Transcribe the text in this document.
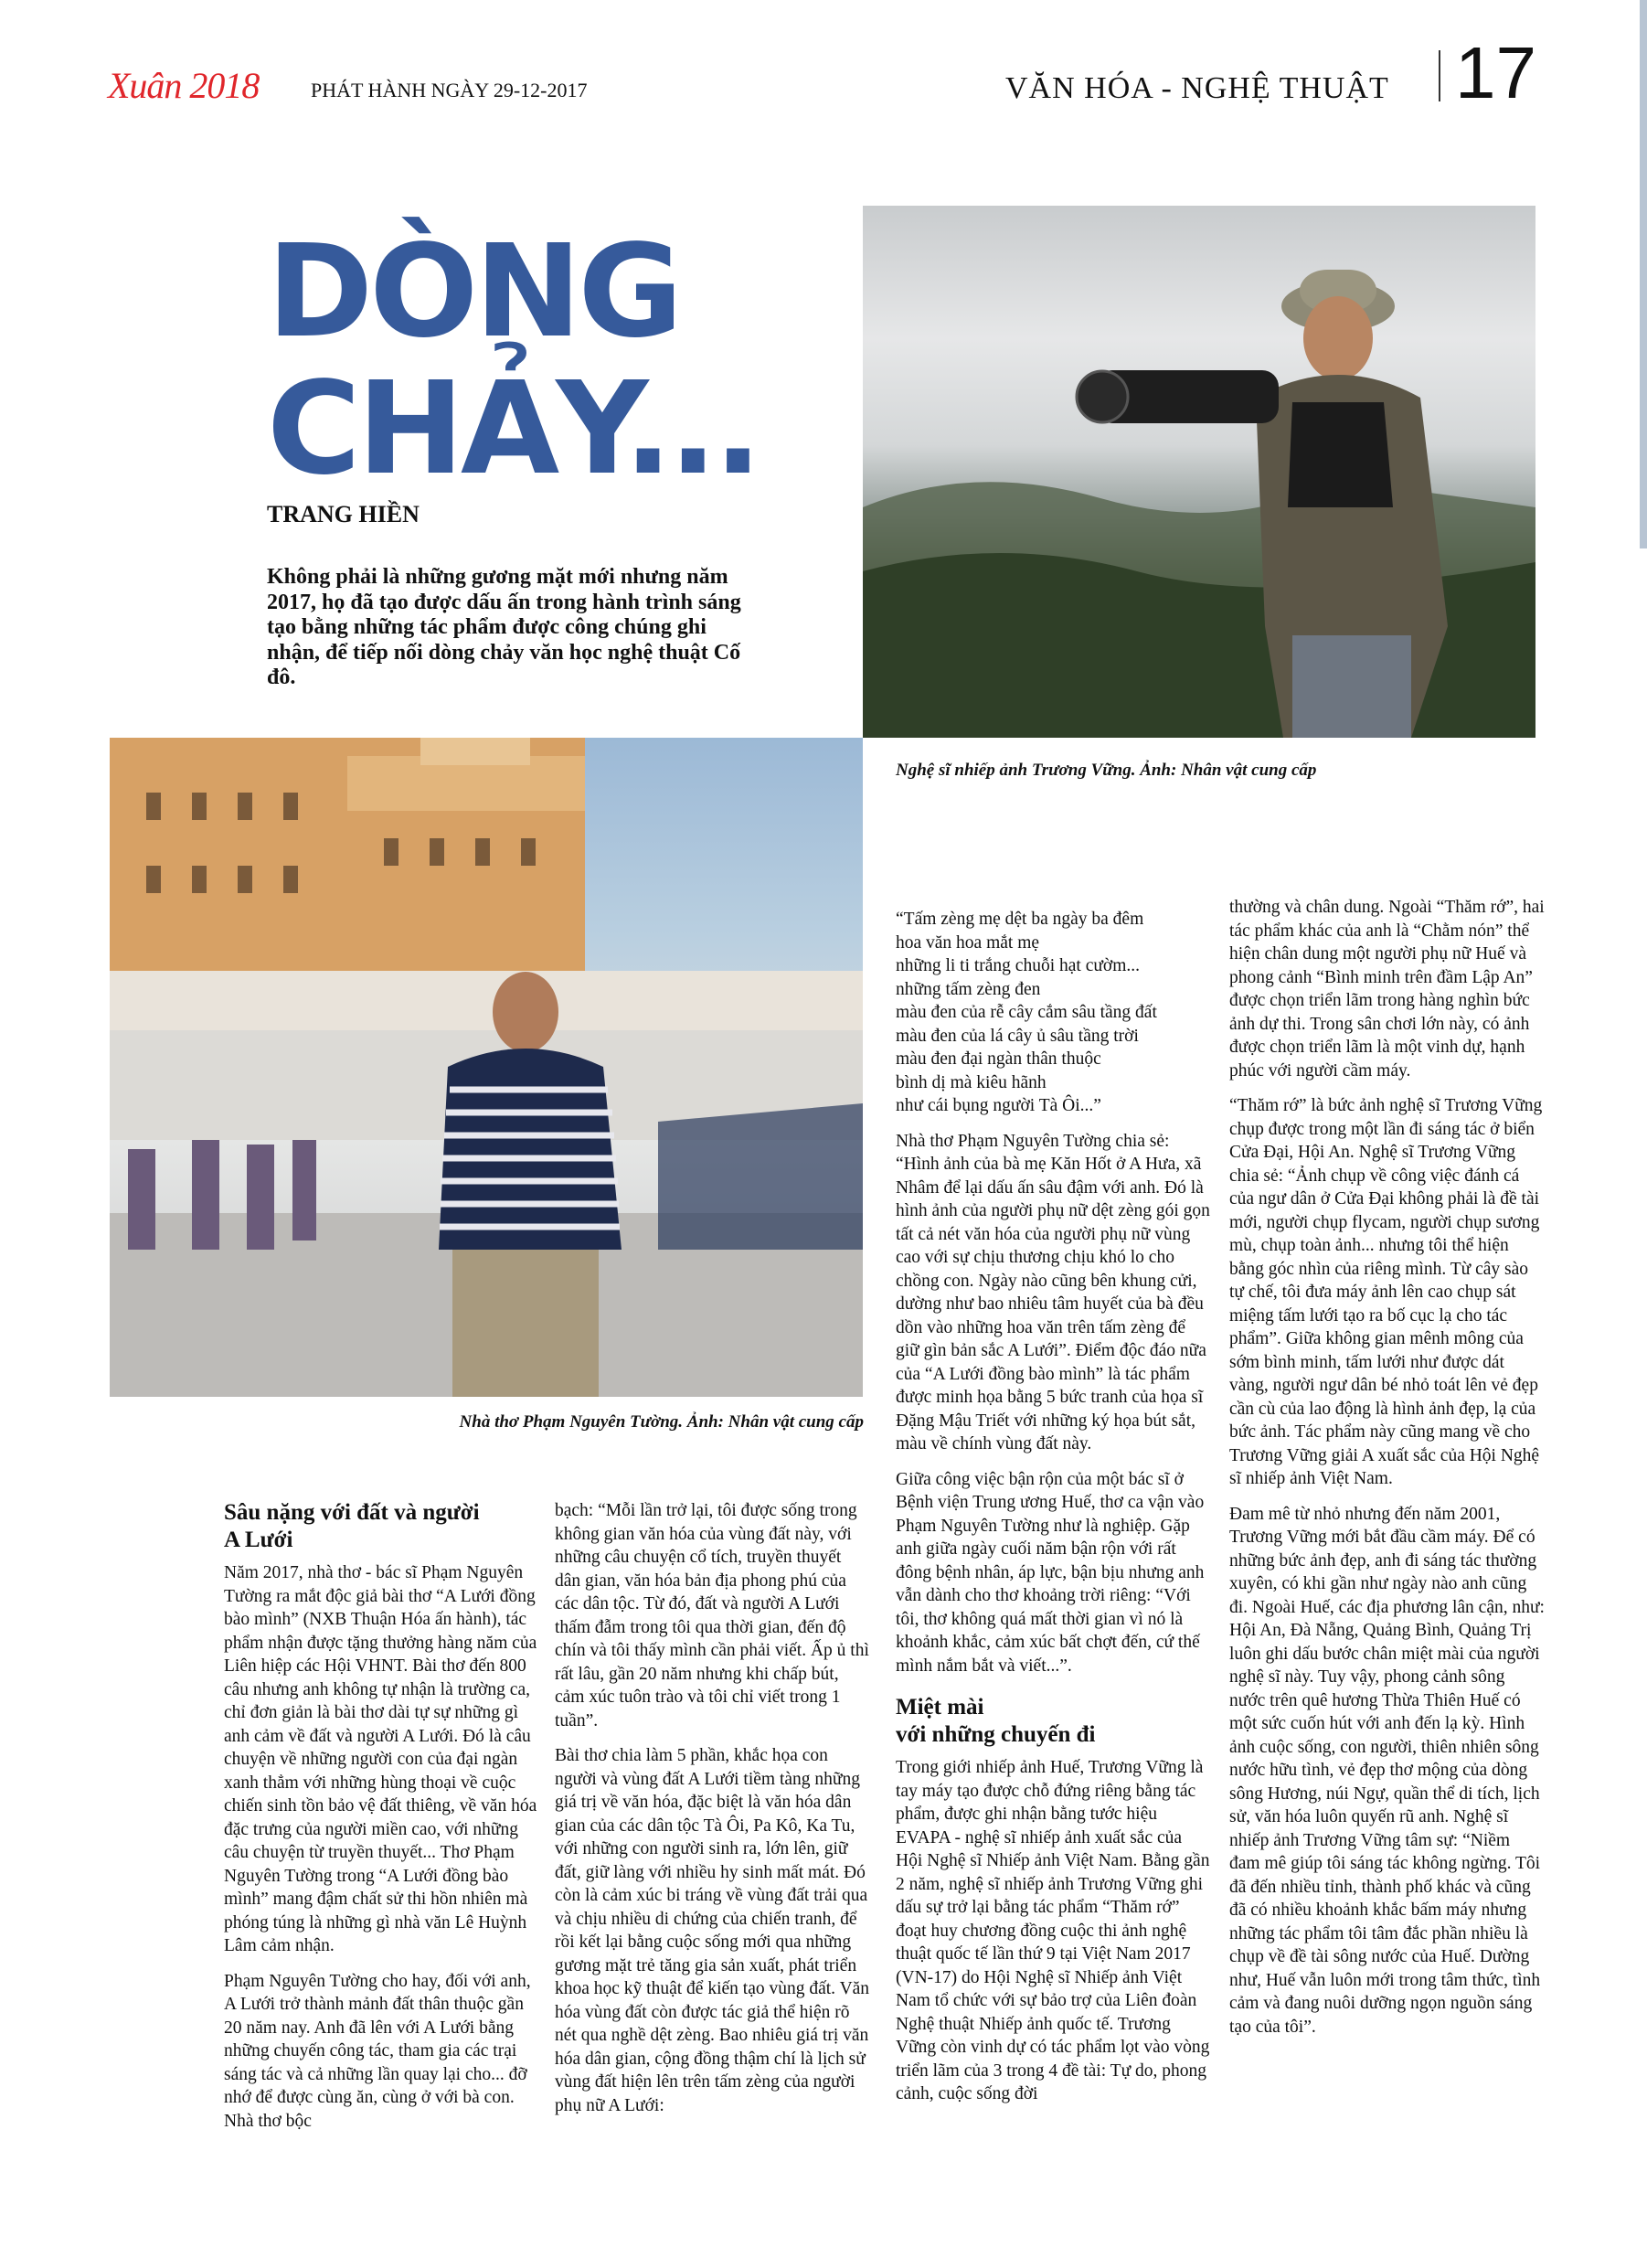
Xuân 2018	PHÁT HÀNH NGÀY 29-12-2017	VĂN HÓA - NGHỆ THUẬT 17
DÒNG
CHẢY...
TRANG HIỀN
Không phải là những gương mặt mới nhưng năm 2017, họ đã tạo được dấu ấn trong hành trình sáng tạo bằng những tác phẩm được công chúng ghi nhận, để tiếp nối dòng chảy văn học nghệ thuật Cố đô.
Nghệ sĩ nhiếp ảnh Trương Vững. Ảnh: Nhân vật cung cấp
Nhà thơ Phạm Nguyên Tường. Ảnh: Nhân vật cung cấp
Sâu nặng với đất và người
A Lưới

Năm 2017, nhà thơ - bác sĩ Phạm Nguyên Tường ra mắt độc giả bài thơ “A Lưới đồng bào mình” (NXB Thuận Hóa ấn hành), tác phẩm nhận được tặng thưởng hàng năm của Liên hiệp các Hội VHNT. Bài thơ đến 800 câu nhưng anh không tự nhận là trường ca, chỉ đơn giản là bài thơ dài tự sự những gì anh cảm về đất và người A Lưới. Đó là câu chuyện về những người con của đại ngàn xanh thẳm với những hùng thoại về cuộc chiến sinh tồn bảo vệ đất thiêng, về văn hóa đặc trưng của người miền cao, với những câu chuyện từ truyền thuyết... Thơ Phạm Nguyên Tường trong “A Lưới đồng bào mình” mang đậm chất sử thi hồn nhiên mà phóng túng là những gì nhà văn Lê Huỳnh Lâm cảm nhận.

Phạm Nguyên Tường cho hay, đối với anh, A Lưới trở thành mảnh đất thân thuộc gần 20 năm nay. Anh đã lên với A Lưới bằng những chuyến công tác, tham gia các trại sáng tác và cả những lần quay lại cho... đỡ nhớ để được cùng ăn, cùng ở với bà con. Nhà thơ bộc

bạch: “Mỗi lần trở lại, tôi được sống trong không gian văn hóa của vùng đất này, với những câu chuyện cổ tích, truyền thuyết dân gian, văn hóa bản địa phong phú của các dân tộc. Từ đó, đất và người A Lưới thấm đẫm trong tôi qua thời gian, đến độ chín và tôi thấy mình cần phải viết. Ấp ủ thì rất lâu, gần 20 năm nhưng khi chấp bút, cảm xúc tuôn trào và tôi chỉ viết trong 1 tuần”.

Bài thơ chia làm 5 phần, khắc họa con người và vùng đất A Lưới tiềm tàng những giá trị về văn hóa, đặc biệt là văn hóa dân gian của các dân tộc Tà Ôi, Pa Kô, Ka Tu, với những con người sinh ra, lớn lên, giữ đất, giữ làng với nhiều hy sinh mất mát. Đó còn là cảm xúc bi tráng về vùng đất trải qua và chịu nhiều di chứng của chiến tranh, để rồi kết lại bằng cuộc sống mới qua những gương mặt trẻ tăng gia sản xuất, phát triển khoa học kỹ thuật để kiến tạo vùng đất. Văn hóa vùng đất còn được tác giả thể hiện rõ nét qua nghề dệt zèng. Bao nhiêu giá trị văn hóa dân gian, cộng đồng thậm chí là lịch sử vùng đất hiện lên trên tấm zèng của người phụ nữ A Lưới:

“Tấm zèng mẹ dệt ba ngày ba đêm
hoa văn hoa mắt mẹ
những li ti trắng chuỗi hạt cườm...
những tấm zèng đen
màu đen của rễ cây cắm sâu tầng đất
màu đen của lá cây ủ sâu tầng trời
màu đen đại ngàn thân thuộc
bình dị mà kiêu hãnh
như cái bụng người Tà Ôi...”

Nhà thơ Phạm Nguyên Tường chia sẻ: “Hình ảnh của bà mẹ Kăn Hốt ở A Hưa, xã Nhâm để lại dấu ấn sâu đậm với anh. Đó là hình ảnh của người phụ nữ dệt zèng gói gọn tất cả nét văn hóa của người phụ nữ vùng cao với sự chịu thương chịu khó lo cho chồng con. Ngày nào cũng bên khung cửi, dường như bao nhiêu tâm huyết của bà đều dồn vào những hoa văn trên tấm zèng để giữ gìn bản sắc A Lưới”. Điểm độc đáo nữa của “A Lưới đồng bào mình” là tác phẩm được minh họa bằng 5 bức tranh của họa sĩ Đặng Mậu Triết với những ký họa bút sắt, màu về chính vùng đất này.

Giữa công việc bận rộn của một bác sĩ ở Bệnh viện Trung ương Huế, thơ ca vận vào Phạm Nguyên Tường như là nghiệp. Gặp anh giữa ngày cuối năm bận rộn với rất đông bệnh nhân, áp lực, bận bịu nhưng anh vẫn dành cho thơ khoảng trời riêng: “Với tôi, thơ không quá mất thời gian vì nó là khoảnh khắc, cảm xúc bất chợt đến, cứ thế mình nắm bắt và viết...”.

Miệt mài
với những chuyến đi

Trong giới nhiếp ảnh Huế, Trương Vững là tay máy tạo được chỗ đứng riêng bằng tác phẩm, được ghi nhận bằng tước hiệu EVAPA - nghệ sĩ nhiếp ảnh xuất sắc của Hội Nghệ sĩ Nhiếp ảnh Việt Nam. Bằng gần 2 năm, nghệ sĩ nhiếp ảnh Trương Vững ghi dấu sự trở lại bằng tác phẩm “Thăm rớ” đoạt huy chương đồng cuộc thi ảnh nghệ thuật quốc tế lần thứ 9 tại Việt Nam 2017 (VN-17) do Hội Nghệ sĩ Nhiếp ảnh Việt Nam tổ chức với sự bảo trợ của Liên đoàn Nghệ thuật Nhiếp ảnh quốc tế. Trương Vững còn vinh dự có tác phẩm lọt vào vòng triển lãm của 3 trong 4 đề tài: Tự do, phong cảnh, cuộc sống đời

thường và chân dung. Ngoài “Thăm rớ”, hai tác phẩm khác của anh là “Chằm nón” thể hiện chân dung một người phụ nữ Huế và phong cảnh “Bình minh trên đầm Lập An” được chọn triển lãm trong hàng nghìn bức ảnh dự thi. Trong sân chơi lớn này, có ảnh được chọn triển lãm là một vinh dự, hạnh phúc với người cầm máy.

“Thăm rớ” là bức ảnh nghệ sĩ Trương Vững chụp được trong một lần đi sáng tác ở biển Cửa Đại, Hội An. Nghệ sĩ Trương Vững chia sẻ: “Ảnh chụp về công việc đánh cá của ngư dân ở Cửa Đại không phải là đề tài mới, người chụp flycam, người chụp sương mù, chụp toàn ảnh... nhưng tôi thể hiện bằng góc nhìn của riêng mình. Từ cây sào tự chế, tôi đưa máy ảnh lên cao chụp sát miệng tấm lưới tạo ra bố cục lạ cho tác phẩm”. Giữa không gian mênh mông của sớm bình minh, tấm lưới như được dát vàng, người ngư dân bé nhỏ toát lên vẻ đẹp cần cù của lao động là hình ảnh đẹp, lạ của bức ảnh. Tác phẩm này cũng mang về cho Trương Vững giải A xuất sắc của Hội Nghệ sĩ nhiếp ảnh Việt Nam.

Đam mê từ nhỏ nhưng đến năm 2001, Trương Vững mới bắt đầu cầm máy. Để có những bức ảnh đẹp, anh đi sáng tác thường xuyên, có khi gần như ngày nào anh cũng đi. Ngoài Huế, các địa phương lân cận, như: Hội An, Đà Nẵng, Quảng Bình, Quảng Trị luôn ghi dấu bước chân miệt mài của người nghệ sĩ này. Tuy vậy, phong cảnh sông nước trên quê hương Thừa Thiên Huế có một sức cuốn hút với anh đến lạ kỳ. Hình ảnh cuộc sống, con người, thiên nhiên sông nước hữu tình, vẻ đẹp thơ mộng của dòng sông Hương, núi Ngự, quần thể di tích, lịch sử, văn hóa luôn quyến rũ anh. Nghệ sĩ nhiếp ảnh Trương Vững tâm sự: “Niềm đam mê giúp tôi sáng tác không ngừng. Tôi đã đến nhiều tỉnh, thành phố khác và cũng đã có nhiều khoảnh khắc bấm máy nhưng những tác phẩm tôi tâm đắc phần nhiều là chụp về đề tài sông nước của Huế. Dường như, Huế vẫn luôn mới trong tâm thức, tình cảm và đang nuôi dưỡng ngọn nguồn sáng tạo của tôi”.
